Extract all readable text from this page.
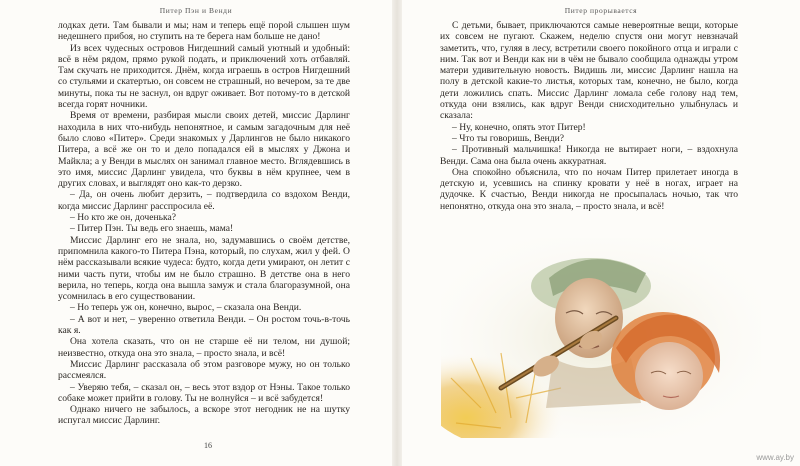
Питер Пэн и Венди

лодках дети. Там бывали и мы; нам и теперь ещё порой слышен шум недешнего прибоя, но ступить на те берега нам больше не дано!

Из всех чудесных островов Нигдешний самый уютный и удобный: всё в нём рядом, прямо рукой подать, и приключений хоть отбавляй. Там скучать не приходится. Днём, когда играешь в остров Нигдешний со стульями и скатертью, он совсем не страшный, но вечером, за те две минуты, пока ты не заснул, он вдруг оживает. Вот потому-то в детской всегда горят ночники.

Время от времени, разбирая мысли своих детей, миссис Дарлинг находила в них что-нибудь непонятное, и самым загадочным для неё было слово «Питер». Среди знакомых у Дарлингов не было никакого Питера, а всё же он то и дело попадался ей в мыслях у Джона и Майкла; а у Венди в мыслях он занимал главное место. Вглядевшись в это имя, миссис Дарлинг увидела, что буквы в нём крупнее, чем в других словах, и выглядят оно как-то дерзко.

– Да, он очень любит дерзить, – подтвердила со вздохом Венди, когда миссис Дарлинг расспросила её.

– Но кто же он, доченька?

– Питер Пэн. Ты ведь его знаешь, мама!

Миссис Дарлинг его не знала, но, задумавшись о своём детстве, припомнила какого-то Питера Пэна, который, по слухам, жил у фей. О нём рассказывали всякие чудеса: будто, когда дети умирают, он летит с ними часть пути, чтобы им не было страшно. В детстве она в него верила, но теперь, когда она вышла замуж и стала благоразумной, она усомнилась в его существовании.

– Но теперь уж он, конечно, вырос, – сказала она Венди.

– А вот и нет, – уверенно ответила Венди. – Он ростом точь-в-точь как я.

Она хотела сказать, что он не старше её ни телом, ни душой; неизвестно, откуда она это знала, – просто знала, и всё!

Миссис Дарлинг рассказала об этом разговоре мужу, но он только рассмеялся.

– Уверяю тебя, – сказал он, – весь этот вздор от Нэны. Такое только собаке может прийти в голову. Ты не волнуйся – и всё забудется!

Однако ничего не забылось, а вскоре этот негодник не на шутку испугал миссис Дарлинг.

16
Питер прорывается

С детьми, бывает, приключаются самые невероятные вещи, которые их совсем не пугают. Скажем, неделю спустя они могут невзначай заметить, что, гуляя в лесу, встретили своего покойного отца и играли с ним. Так вот и Венди как ни в чём не бывало сообщила однажды утром матери удивительную новость. Видишь ли, миссис Дарлинг нашла на полу в детской какие-то листья, которых там, конечно, не было, когда дети ложились спать. Миссис Дарлинг ломала себе голову над тем, откуда они взялись, как вдруг Венди снисходительно улыбнулась и сказала:

– Ну, конечно, опять этот Питер!

– Что ты говоришь, Венди?

– Противный мальчишка! Никогда не вытирает ноги, – вздохнула Венди. Сама она была очень аккуратная.

Она спокойно объяснила, что по ночам Питер прилетает иногда в детскую и, усевшись на спинку кровати у неё в ногах, играет на дудочке. К счастью, Венди никогда не просыпалась ночью, так что непонятно, откуда она это знала, – просто знала, и всё!

www.ay.by
